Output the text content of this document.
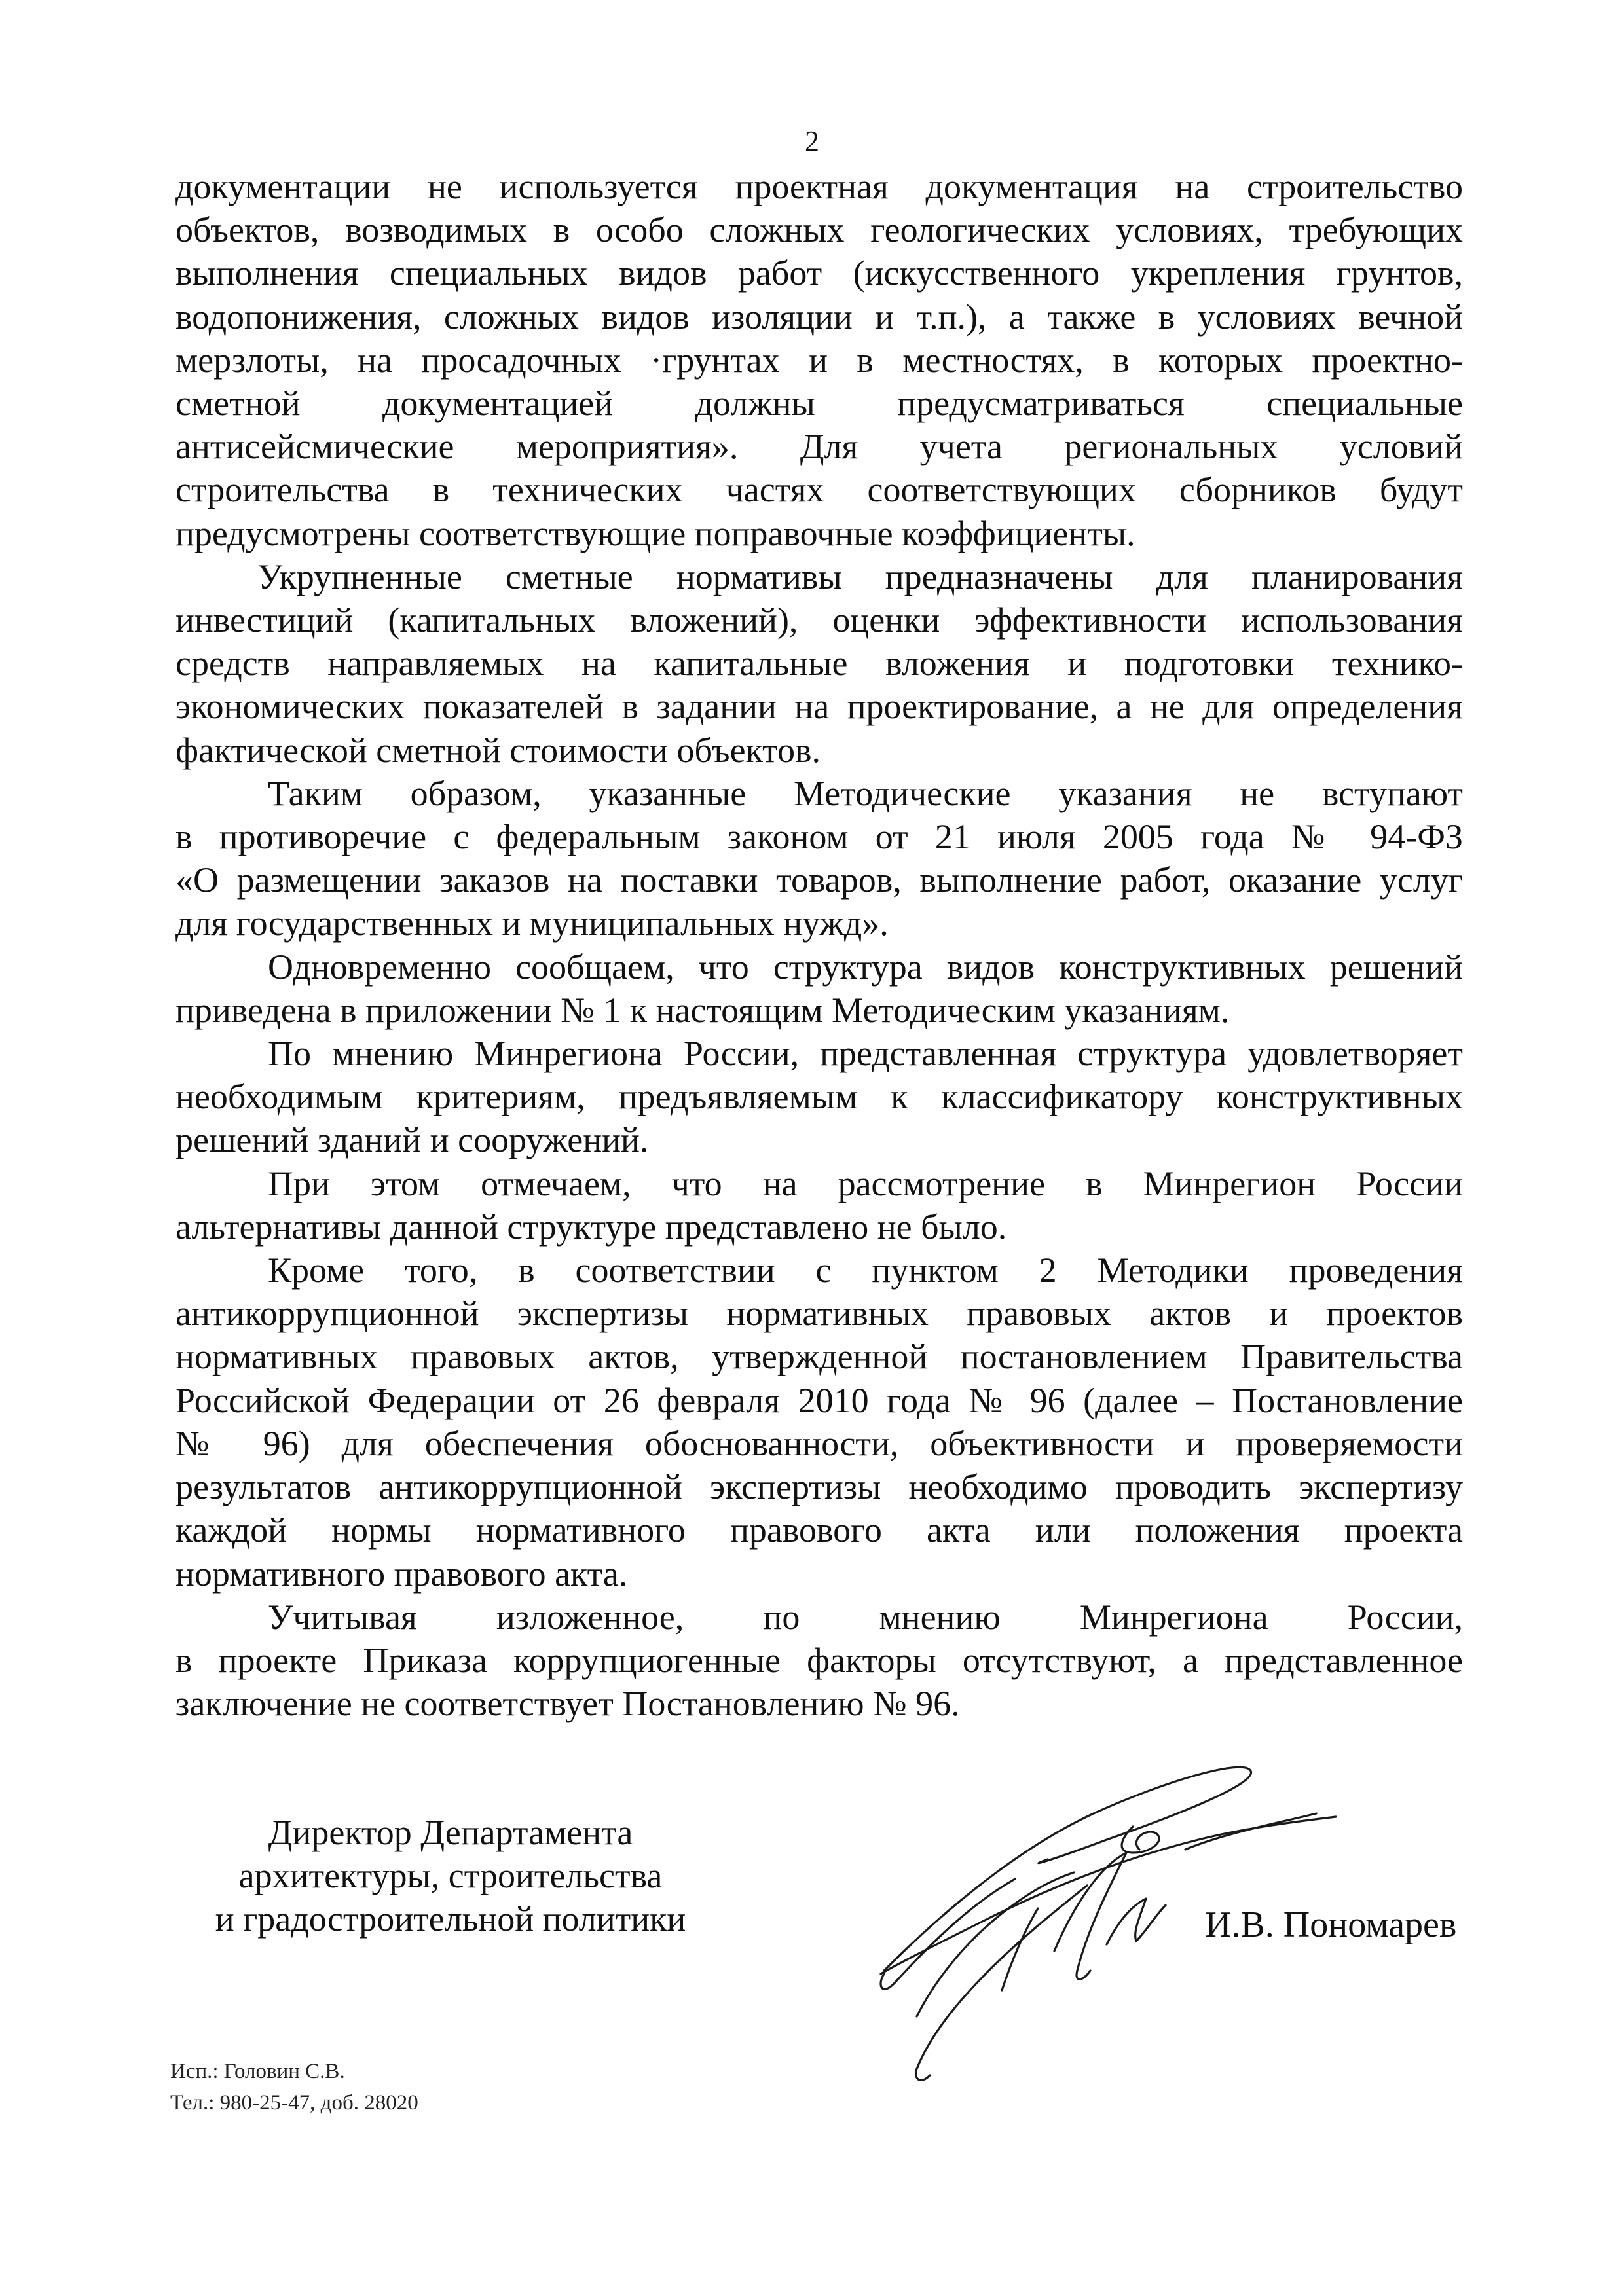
2

документации не используется проектная документация на строительство
объектов, возводимых в особо сложных геологических условиях, требующих
выполнения специальных видов работ (искусственного укрепления грунтов,
водопонижения, сложных видов изоляции и т.п.), а также в условиях вечной
мерзлоты, на просадочных ·грунтах и в местностях, в которых проектно-
сметной документацией должны предусматриваться специальные
антисейсмические мероприятия». Для учета региональных условий
строительства в технических частях соответствующих сборников будут
предусмотрены соответствующие поправочные коэффициенты.

Укрупненные сметные нормативы предназначены для планирования
инвестиций (капитальных вложений), оценки эффективности использования
средств направляемых на капитальные вложения и подготовки технико-
экономических показателей в задании на проектирование, а не для определения
фактической сметной стоимости объектов.

Таким образом, указанные Методические указания не вступают
в противоречие с федеральным законом от 21 июля 2005 года № 94-ФЗ
«О размещении заказов на поставки товаров, выполнение работ, оказание услуг
для государственных и муниципальных нужд».

Одновременно сообщаем, что структура видов конструктивных решений
приведена в приложении № 1 к настоящим Методическим указаниям.

По мнению Минрегиона России, представленная структура удовлетворяет
необходимым критериям, предъявляемым к классификатору конструктивных
решений зданий и сооружений.

При этом отмечаем, что на рассмотрение в Минрегион России
альтернативы данной структуре представлено не было.

Кроме того, в соответствии с пунктом 2 Методики проведения
антикоррупционной экспертизы нормативных правовых актов и проектов
нормативных правовых актов, утвержденной постановлением Правительства
Российской Федерации от 26 февраля 2010 года № 96 (далее – Постановление
№ 96) для обеспечения обоснованности, объективности и проверяемости
результатов антикоррупционной экспертизы необходимо проводить экспертизу
каждой нормы нормативного правового акта или положения проекта
нормативного правового акта.

Учитывая изложенное, по мнению Минрегиона России,
в проекте Приказа коррупциогенные факторы отсутствуют, а представленное
заключение не соответствует Постановлению № 96.

Директор Департамента
архитектуры, строительства
и градостроительной политики	И.В. Пономарев
Исп.: Головин С.В.
Тел.: 980-25-47, доб. 28020
